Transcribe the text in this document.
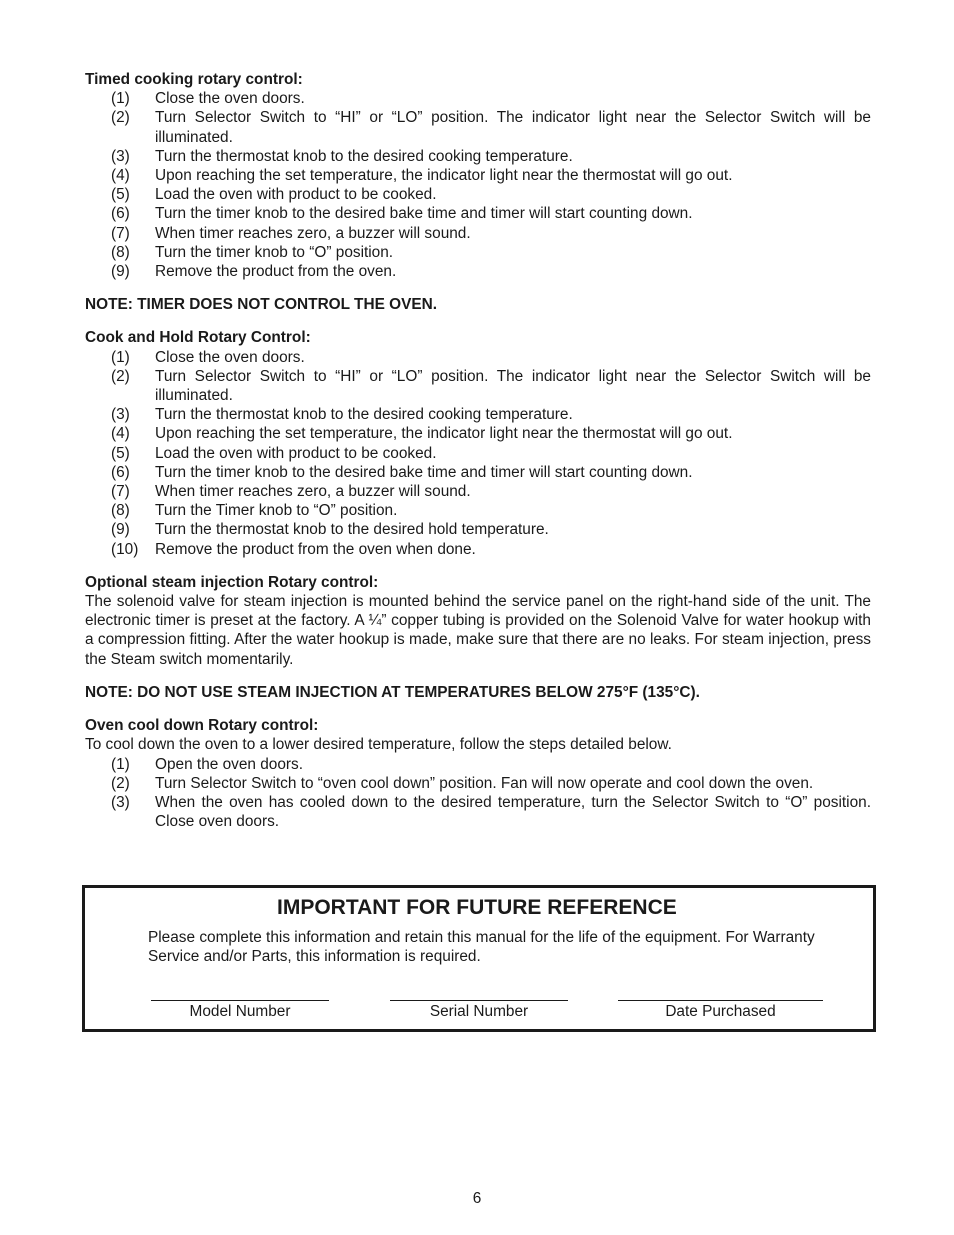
Timed cooking rotary control:
(1)	Close the oven doors.
(2)	Turn Selector Switch to “HI” or “LO” position. The indicator light near the Selector Switch will be illuminated.
(3)	Turn the thermostat knob to the desired cooking temperature.
(4)	Upon reaching the set temperature, the indicator light near the thermostat will go out.
(5)	Load the oven with product to be cooked.
(6)	Turn the timer knob to the desired bake time and timer will start counting down.
(7)	When timer reaches zero, a buzzer will sound.
(8)	Turn the timer knob to “O” position.
(9)	Remove the product from the oven.
NOTE: TIMER DOES NOT CONTROL THE OVEN.
Cook and Hold Rotary Control:
(1)	Close the oven doors.
(2)	Turn Selector Switch to “HI” or “LO” position. The indicator light near the Selector Switch will be illuminated.
(3)	Turn the thermostat knob to the desired cooking temperature.
(4)	Upon reaching the set temperature, the indicator light near the thermostat will go out.
(5)	Load the oven with product to be cooked.
(6)	Turn the timer knob to the desired bake time and timer will start counting down.
(7)	When timer reaches zero, a buzzer will sound.
(8)	Turn the Timer knob to “O” position.
(9)	Turn the thermostat knob to the desired hold temperature.
(10)	Remove the product from the oven when done.
Optional steam injection Rotary control:
The solenoid valve for steam injection is mounted behind the service panel on the right-hand side of the unit. The electronic timer is preset at the factory. A ¼” copper tubing is provided on the Solenoid Valve for water hookup with a compression fitting. After the water hookup is made, make sure that there are no leaks. For steam injection, press the Steam switch momentarily.
NOTE: DO NOT USE STEAM INJECTION AT TEMPERATURES BELOW 275°F (135°C).
Oven cool down Rotary control:
To cool down the oven to a lower desired temperature, follow the steps detailed below.
(1)	Open the oven doors.
(2)	Turn Selector Switch to “oven cool down” position. Fan will now operate and cool down the oven.
(3)	When the oven has cooled down to the desired temperature, turn the Selector Switch to “O” position. Close oven doors.
IMPORTANT FOR FUTURE REFERENCE
Please complete this information and retain this manual for the life of the equipment. For Warranty Service and/or Parts, this information is required.
Model Number	Serial Number	Date Purchased
6
